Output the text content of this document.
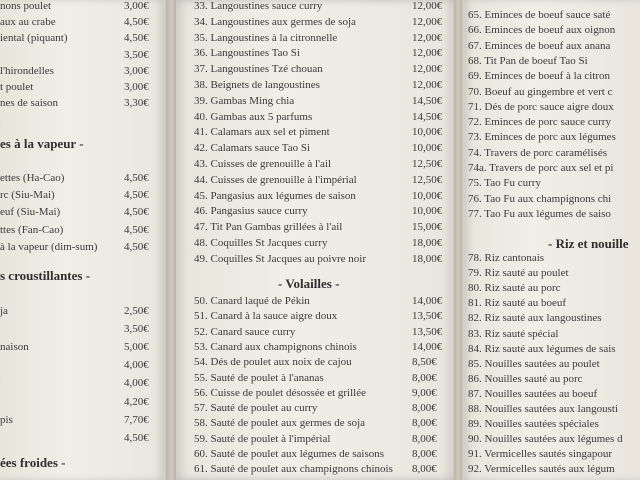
nons poulet	3,00€
aux au crabe	4,50€
iental (piquant)	4,50€
3,50€
l'hirondelles	3,00€
t poulet	3,00€
nes de saison	3,30€
es à la vapeur -
ettes (Ha-Cao)	4,50€
rc (Siu-Mai)	4,50€
euf (Siu-Mai)	4,50€
ttes (Fan-Cao)	4,50€
à la vapeur (dim-sum) 4,50€
s croustillantes -
ja	2,50€
3,50€
naison	5,00€
4,00€
4,00€
4,20€
pis	7,70€
4,50€
ées froides -
33. Langoustines sauce curry	12,00€
34. Langoustines aux germes de soja	12,00€
35. Langoustines à la citronnelle	12,00€
36. Langoustines Tao Si	12,00€
37. Langoustines Tzé chouan	12,00€
38. Beignets de langoustines	12,00€
39. Gambas Ming chia	14,50€
40. Gambas aux 5 parfums	14,50€
41. Calamars aux sel et piment	10,00€
42. Calamars sauce Tao Si	10,00€
43. Cuisses de grenouille à l'ail	12,50€
44. Cuisses de grenouille à l'impérial	12,50€
45. Pangasius aux légumes de saison	10,00€
46. Pangasius sauce curry	10,00€
47. Tit Pan Gambas grillées à l'ail	15,00€
48. Coquilles St Jacques curry	18,00€
49. Coquilles St Jacques au poivre noir	18,00€
- Volailles -
50. Canard laqué de Pékin	14,00€
51. Canard à la sauce aigre doux	13,50€
52. Canard sauce curry	13,50€
53. Canard aux champignons chinois	14,00€
54. Dés de poulet aux noix de cajou	8,50€
55. Sauté de poulet à l'ananas	8,00€
56. Cuisse de poulet désossée et grillée	9,00€
57. Sauté de poulet au curry	8,00€
58. Sauté de poulet aux germes de soja	8,00€
59. Sauté de poulet à l'impérial	8,00€
60. Sauté de poulet aux légumes de saisons	8,00€
61. Sauté de poulet aux champignons chinois 8,00€
65. Eminces de boeuf sauce saté
66. Eminces de boeuf aux oignon
67. Eminces de boeuf aux anana
68. Tit Pan de boeuf Tao Si
69. Eminces de boeuf à la citron
70. Boeuf au gingembre et vert c
71. Dés de porc sauce aigre doux
72. Eminces de porc sauce curry
73. Eminces de porc aux légumes
74. Travers de porc caramélisés
74a. Travers de porc aux sel et pi
75. Tao Fu curry
76. Tao Fu aux champignons chi
77. Tao Fu aux légumes de saiso
- Riz et nouille
78. Riz cantonais
79. Riz sauté au poulet
80. Riz sauté au porc
81. Riz sauté au boeuf
82. Riz sauté aux langoustines
83. Riz sauté spécial
84. Riz sauté aux légumes de sais
85. Nouilles sautées au poulet
86. Nouilles sauté au porc
87. Nouilles sautées au boeuf
88. Nouilles sautées aux langousti
89. Nouilles sautées spéciales
90. Nouilles sautées aux légumes d
91. Vermicelles sautés singapour
92. Vermicelles sautés aux légum
